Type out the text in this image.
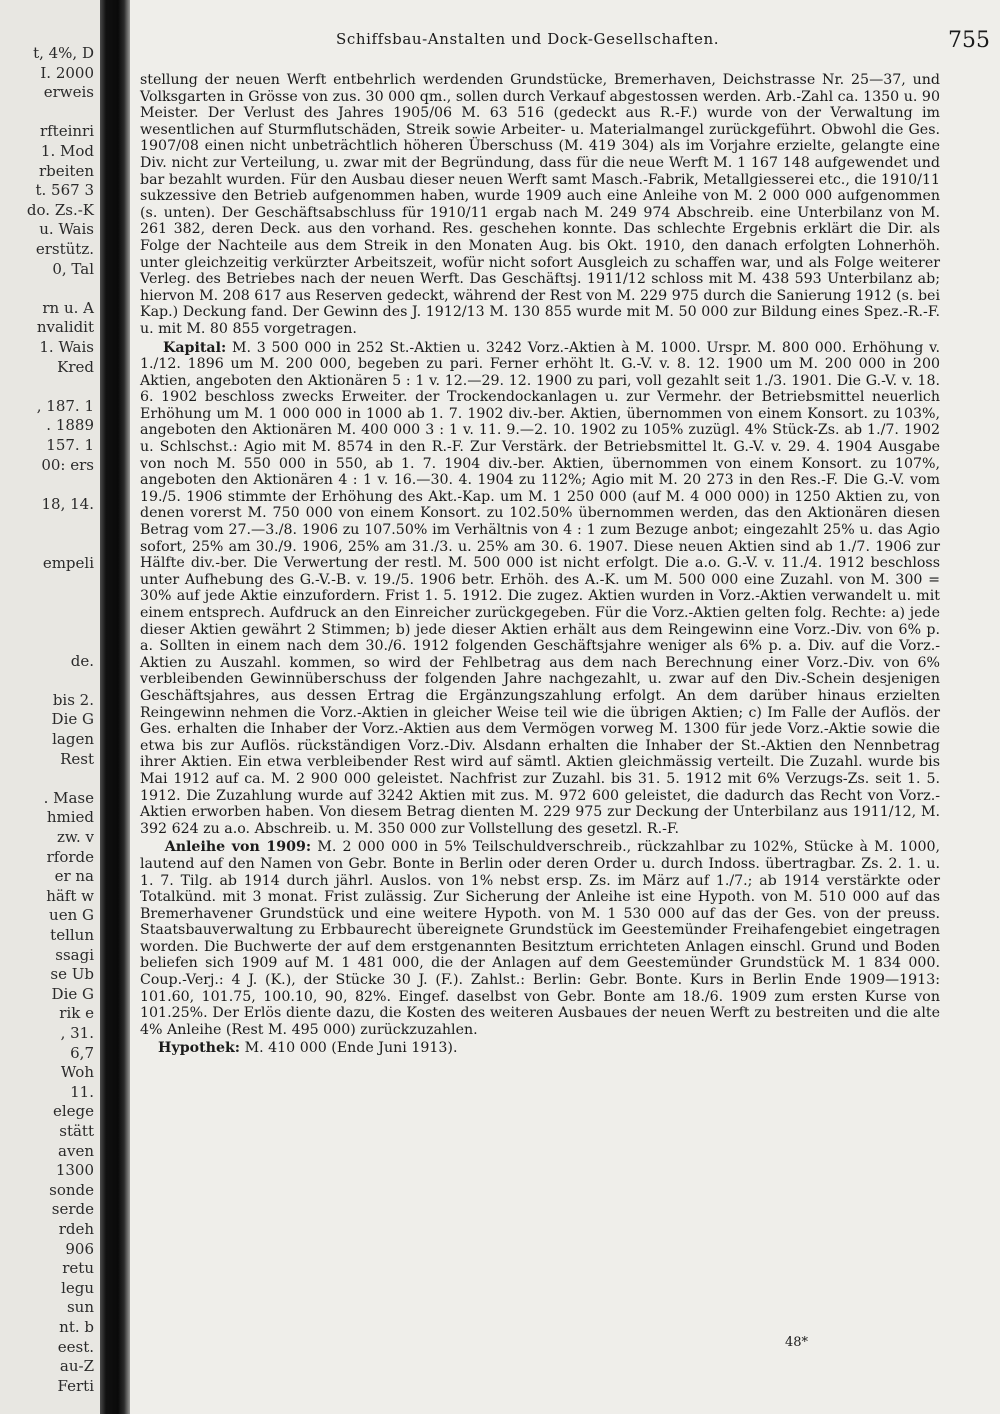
t, 4%, D
I. 2000
erweis
rfteinri
1. Mod
rbeiten
t. 567 3
do. Zs.-K
u. Wais
erstütz.
0, Tal
rn u. A
nvalidit
1. Wais
Kred
, 187. 1
. 1889
157. 1
00: ers
18, 14.
empeli
de.
bis 2.
Die G
lagen
Rest
. Mase
hmied
zw. v
rforde
er na
häft w
uen G
tellun
ssagi
se Ub
Die G
rik e
, 31.
6,7
Woh
11.
elege
stätt
aven
1300
sonde
serde
rdeh
906
retu
legu
sun
nt. b
eest.
au-Z
Ferti
Schiffsbau-Anstalten und Dock-Gesellschaften.	755

stellung der neuen Werft entbehrlich werdenden Grundstücke, Bremerhaven, Deichstrasse Nr. 25—37, und Volksgarten in Grösse von zus. 30 000 qm., sollen durch Verkauf abgestossen werden. Arb.-Zahl ca. 1350 u. 90 Meister. Der Verlust des Jahres 1905/06 M. 63 516 (gedeckt aus R.-F.) wurde von der Verwaltung im wesentlichen auf Sturmflutschäden, Streik sowie Arbeiter- u. Materialmangel zurückgeführt. Obwohl die Ges. 1907/08 einen nicht unbeträchtlich höheren Überschuss (M. 419 304) als im Vorjahre erzielte, gelangte eine Div. nicht zur Verteilung, u. zwar mit der Begründung, dass für die neue Werft M. 1 167 148 aufgewendet und bar bezahlt wurden. Für den Ausbau dieser neuen Werft samt Masch.-Fabrik, Metallgiesserei etc., die 1910/11 sukzessive den Betrieb aufgenommen haben, wurde 1909 auch eine Anleihe von M. 2 000 000 aufgenommen (s. unten). Der Geschäftsabschluss für 1910/11 ergab nach M. 249 974 Abschreib. eine Unterbilanz von M. 261 382, deren Deck. aus den vorhand. Res. geschehen konnte. Das schlechte Ergebnis erklärt die Dir. als Folge der Nachteile aus dem Streik in den Monaten Aug. bis Okt. 1910, den danach erfolgten Lohnerhöh. unter gleichzeitig verkürzter Arbeitszeit, wofür nicht sofort Ausgleich zu schaffen war, und als Folge weiterer Verleg. des Betriebes nach der neuen Werft. Das Geschäftsj. 1911/12 schloss mit M. 438 593 Unterbilanz ab; hiervon M. 208 617 aus Reserven gedeckt, während der Rest von M. 229 975 durch die Sanierung 1912 (s. bei Kap.) Deckung fand. Der Gewinn des J. 1912/13 M. 130 855 wurde mit M. 50 000 zur Bildung eines Spez.-R.-F. u. mit M. 80 855 vorgetragen.

Kapital: M. 3 500 000 in 252 St.-Aktien u. 3242 Vorz.-Aktien à M. 1000. Urspr. M. 800 000. Erhöhung v. 1./12. 1896 um M. 200 000, begeben zu pari. Ferner erhöht lt. G.-V. v. 8. 12. 1900 um M. 200 000 in 200 Aktien, angeboten den Aktionären 5 : 1 v. 12.—29. 12. 1900 zu pari, voll gezahlt seit 1./3. 1901. Die G.-V. v. 18. 6. 1902 beschloss zwecks Erweiter. der Trockendockanlagen u. zur Vermehr. der Betriebsmittel neuerlich Erhöhung um M. 1 000 000 in 1000 ab 1. 7. 1902 div.-ber. Aktien, übernommen von einem Konsort. zu 103%, angeboten den Aktionären M. 400 000 3 : 1 v. 11. 9.—2. 10. 1902 zu 105% zuzügl. 4% Stück-Zs. ab 1./7. 1902 u. Schlschst.: Agio mit M. 8574 in den R.-F. Zur Verstärk. der Betriebsmittel lt. G.-V. v. 29. 4. 1904 Ausgabe von noch M. 550 000 in 550, ab 1. 7. 1904 div.-ber. Aktien, übernommen von einem Konsort. zu 107%, angeboten den Aktionären 4 : 1 v. 16.—30. 4. 1904 zu 112%; Agio mit M. 20 273 in den Res.-F. Die G.-V. vom 19./5. 1906 stimmte der Erhöhung des Akt.-Kap. um M. 1 250 000 (auf M. 4 000 000) in 1250 Aktien zu, von denen vorerst M. 750 000 von einem Konsort. zu 102.50% übernommen werden, das den Aktionären diesen Betrag vom 27.—3./8. 1906 zu 107.50% im Verhältnis von 4 : 1 zum Bezuge anbot; eingezahlt 25% u. das Agio sofort, 25% am 30./9. 1906, 25% am 31./3. u. 25% am 30. 6. 1907. Diese neuen Aktien sind ab 1./7. 1906 zur Hälfte div.-ber. Die Verwertung der restl. M. 500 000 ist nicht erfolgt. Die a.o. G.-V. v. 11./4. 1912 beschloss unter Aufhebung des G.-V.-B. v. 19./5. 1906 betr. Erhöh. des A.-K. um M. 500 000 eine Zuzahl. von M. 300 = 30% auf jede Aktie einzufordern. Frist 1. 5. 1912. Die zugez. Aktien wurden in Vorz.-Aktien verwandelt u. mit einem entsprech. Aufdruck an den Einreicher zurückgegeben. Für die Vorz.-Aktien gelten folg. Rechte: a) jede dieser Aktien gewährt 2 Stimmen; b) jede dieser Aktien erhält aus dem Reingewinn eine Vorz.-Div. von 6% p. a. Sollten in einem nach dem 30./6. 1912 folgenden Geschäftsjahre weniger als 6% p. a. Div. auf die Vorz.-Aktien zu Auszahl. kommen, so wird der Fehlbetrag aus dem nach Berechnung einer Vorz.-Div. von 6% verbleibenden Gewinnüberschuss der folgenden Jahre nachgezahlt, u. zwar auf den Div.-Schein desjenigen Geschäftsjahres, aus dessen Ertrag die Ergänzungszahlung erfolgt. An dem darüber hinaus erzielten Reingewinn nehmen die Vorz.-Aktien in gleicher Weise teil wie die übrigen Aktien; c) Im Falle der Auflös. der Ges. erhalten die Inhaber der Vorz.-Aktien aus dem Vermögen vorweg M. 1300 für jede Vorz.-Aktie sowie die etwa bis zur Auflös. rückständigen Vorz.-Div. Alsdann erhalten die Inhaber der St.-Aktien den Nennbetrag ihrer Aktien. Ein etwa verbleibender Rest wird auf sämtl. Aktien gleichmässig verteilt. Die Zuzahl. wurde bis Mai 1912 auf ca. M. 2 900 000 geleistet. Nachfrist zur Zuzahl. bis 31. 5. 1912 mit 6% Verzugs-Zs. seit 1. 5. 1912. Die Zuzahlung wurde auf 3242 Aktien mit zus. M. 972 600 geleistet, die dadurch das Recht von Vorz.-Aktien erworben haben. Von diesem Betrag dienten M. 229 975 zur Deckung der Unterbilanz aus 1911/12, M. 392 624 zu a.o. Abschreib. u. M. 350 000 zur Vollstellung des gesetzl. R.-F.

Anleihe von 1909: M. 2 000 000 in 5% Teilschuldverschreib., rückzahlbar zu 102%, Stücke à M. 1000, lautend auf den Namen von Gebr. Bonte in Berlin oder deren Order u. durch Indoss. übertragbar. Zs. 2. 1. u. 1. 7. Tilg. ab 1914 durch jährl. Auslos. von 1% nebst ersp. Zs. im März auf 1./7.; ab 1914 verstärkte oder Totalkünd. mit 3 monat. Frist zulässig. Zur Sicherung der Anleihe ist eine Hypoth. von M. 510 000 auf das Bremerhavener Grundstück und eine weitere Hypoth. von M. 1 530 000 auf das der Ges. von der preuss. Staatsbauverwaltung zu Erbbaurecht übereignete Grundstück im Geestemünder Freihafengebiet eingetragen worden. Die Buchwerte der auf dem erstgenannten Besitztum errichteten Anlagen einschl. Grund und Boden beliefen sich 1909 auf M. 1 481 000, die der Anlagen auf dem Geestemünder Grundstück M. 1 834 000. Coup.-Verj.: 4 J. (K.), der Stücke 30 J. (F.). Zahlst.: Berlin: Gebr. Bonte. Kurs in Berlin Ende 1909—1913: 101.60, 101.75, 100.10, 90, 82%. Eingef. daselbst von Gebr. Bonte am 18./6. 1909 zum ersten Kurse von 101.25%. Der Erlös diente dazu, die Kosten des weiteren Ausbaues der neuen Werft zu bestreiten und die alte 4% Anleihe (Rest M. 495 000) zurückzuzahlen.

Hypothek: M. 410 000 (Ende Juni 1913).

48*
